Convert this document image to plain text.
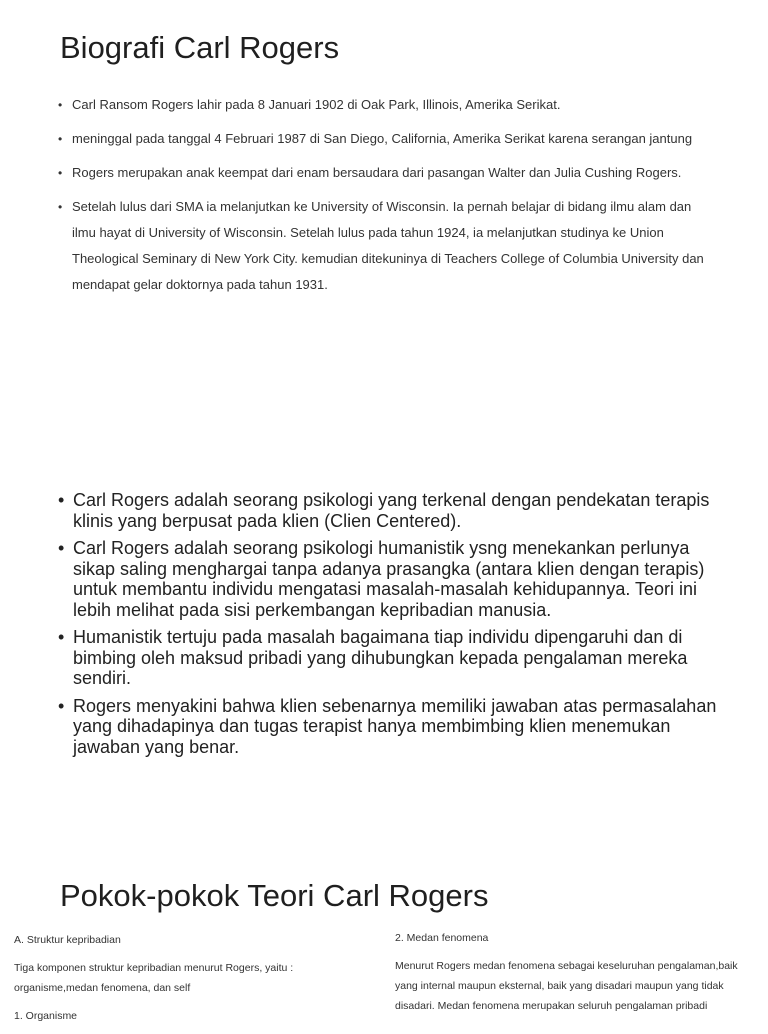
Biografi Carl Rogers
• Carl Ransom Rogers lahir pada 8 Januari 1902 di Oak Park, Illinois, Amerika Serikat.
• meninggal pada tanggal 4 Februari 1987 di San Diego, California, Amerika Serikat karena serangan jantung
• Rogers merupakan anak keempat dari enam bersaudara dari pasangan Walter dan Julia Cushing Rogers.
• Setelah lulus dari SMA ia melanjutkan ke University of Wisconsin. Ia pernah belajar di bidang ilmu alam dan ilmu hayat di University of Wisconsin. Setelah lulus pada tahun 1924, ia melanjutkan studinya ke Union Theological Seminary di New York City. kemudian ditekuninya di Teachers College of Columbia University dan mendapat gelar doktornya pada tahun 1931.
• Carl Rogers adalah seorang psikologi yang terkenal dengan pendekatan terapis klinis yang berpusat pada klien (Clien Centered).
• Carl Rogers adalah seorang psikologi humanistik ysng menekankan perlunya sikap saling menghargai tanpa adanya prasangka (antara klien dengan terapis) untuk membantu individu mengatasi masalah-masalah kehidupannya. Teori ini lebih melihat pada sisi perkembangan kepribadian manusia.
• Humanistik tertuju pada masalah bagaimana tiap individu dipengaruhi dan di bimbing oleh maksud pribadi yang dihubungkan kepada pengalaman mereka sendiri.
• Rogers menyakini bahwa klien sebenarnya memiliki jawaban atas permasalahan yang dihadapinya dan tugas terapist hanya membimbing klien menemukan jawaban yang benar.
Pokok-pokok Teori Carl Rogers

A. Struktur kepribadian

Tiga komponen struktur kepribadian menurut Rogers, yaitu : organisme,medan fenomena, dan self

1. Organisme

2. Medan fenomena

Menurut Rogers medan fenomena sebagai keseluruhan pengalaman,baik yang internal maupun eksternal, baik yang disadari maupun yang tidak disadari. Medan fenomena merupakan seluruh pengalaman pribadi
